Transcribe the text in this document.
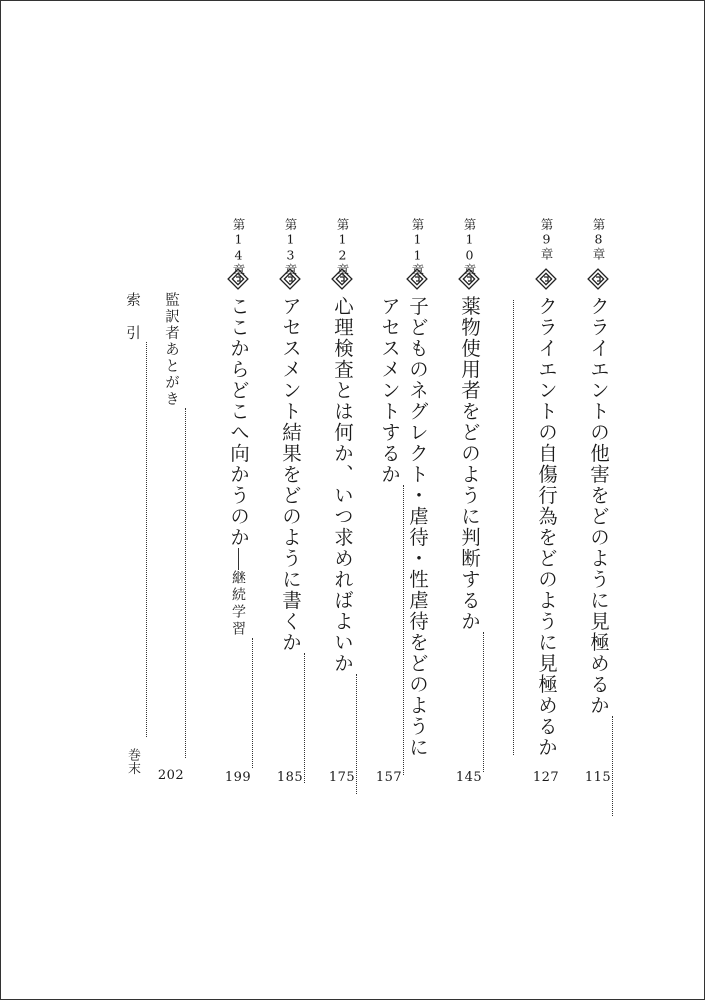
第8章
クライエントの他害をどのように見極めるか
115
第9章
クライエントの自傷行為をどのように見極めるか
127
第10章
薬物使用者をどのように判断するか
145
第11章
子どものネグレクト・虐待・性虐待をどのように
アセスメントするか
157
第12章
心理検査とは何か、いつ求めればよいか
175
第13章
アセスメント結果をどのように書くか
185
第14章
ここからどこへ向かうのか継続学習
199
監訳者あとがき
202
索　引
巻末
